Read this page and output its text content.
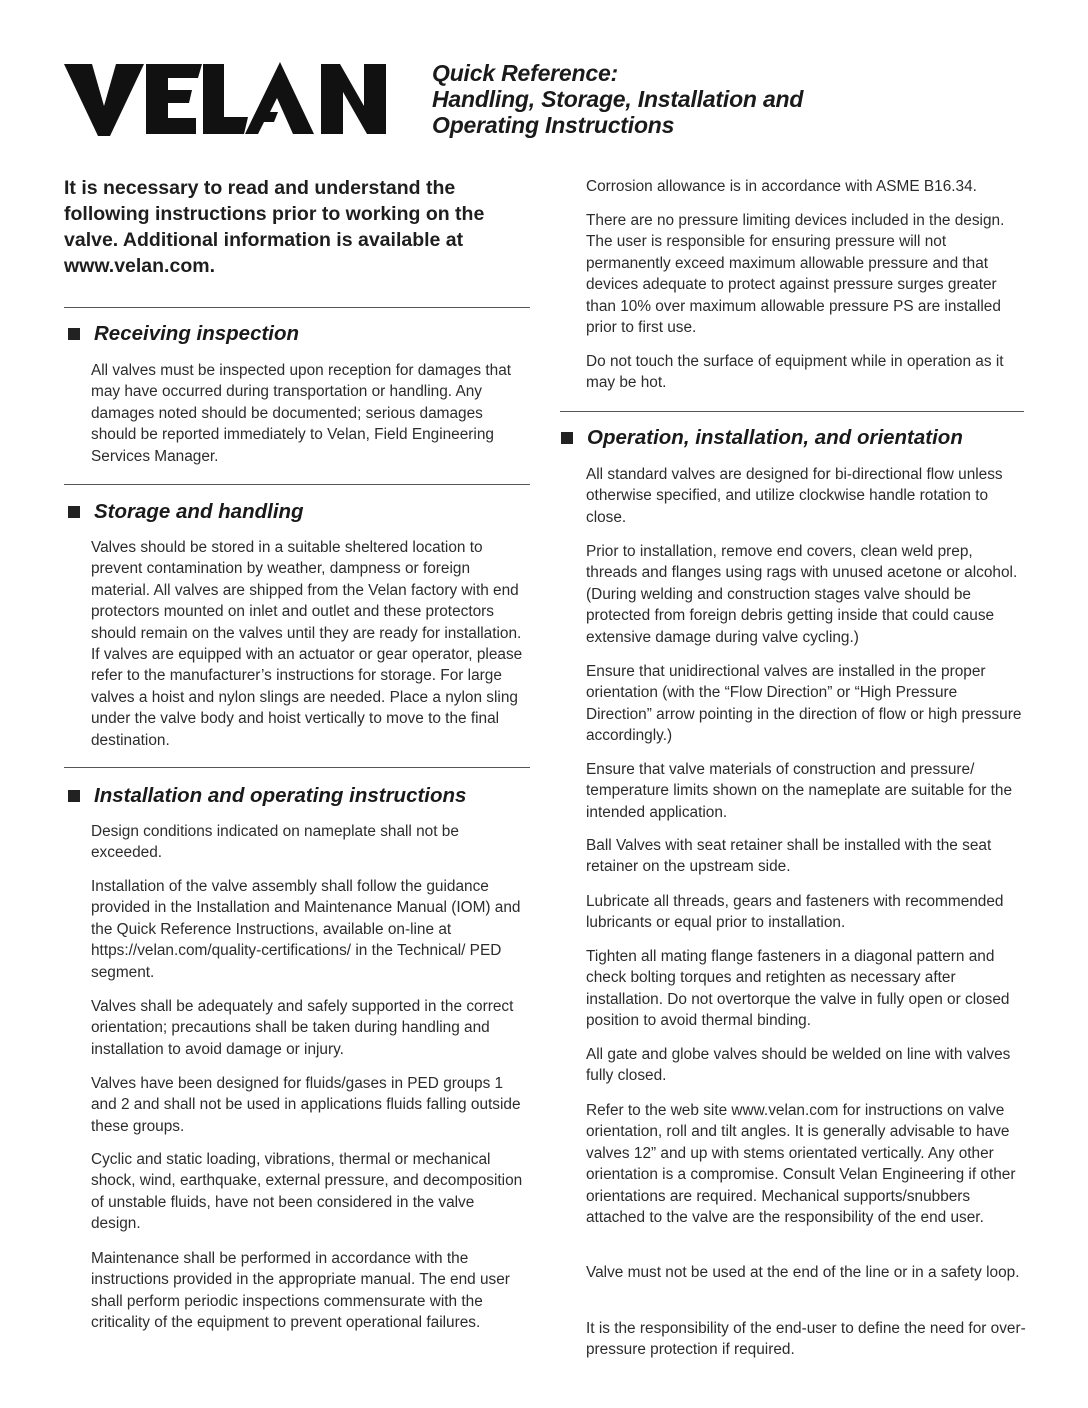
Quick Reference:
Handling, Storage, Installation and
Operating Instructions
It is necessary to read and understand the following instructions prior to working on the valve. Additional information is available at www.velan.com.
Receiving inspection
All valves must be inspected upon reception for damages that may have occurred during transportation or handling. Any damages noted should be documented; serious damages should be reported immediately to Velan, Field Engineering Services Manager.
Storage and handling
Valves should be stored in a suitable sheltered location to prevent contamination by weather, dampness or foreign material. All valves are shipped from the Velan factory with end protectors mounted on inlet and outlet and these protectors should remain on the valves until they are ready for installation. If valves are equipped with an actuator or gear operator, please refer to the manufacturer’s instructions for storage. For large valves a hoist and nylon slings are needed. Place a nylon sling under the valve body and hoist vertically to move to the final destination.
Installation and operating instructions
Design conditions indicated on nameplate shall not be exceeded.
Installation of the valve assembly shall follow the guidance provided in the Installation and Maintenance Manual (IOM) and the Quick Reference Instructions, available on-line at https://velan.com/quality-certifications/ in the Technical/ PED segment.
Valves shall be adequately and safely supported in the correct orientation; precautions shall be taken during handling and installation to avoid damage or injury.
Valves have been designed for fluids/gases in PED groups 1 and 2 and shall not be used in applications fluids falling outside these groups.
Cyclic and static loading, vibrations, thermal or mechanical shock, wind, earthquake, external pressure, and decomposition of unstable fluids, have not been considered in the valve design.
Maintenance shall be performed in accordance with the instructions provided in the appropriate manual. The end user shall perform periodic inspections commensurate with the criticality of the equipment to prevent operational failures.
Corrosion allowance is in accordance with ASME B16.34.
There are no pressure limiting devices included in the design. The user is responsible for ensuring pressure will not permanently exceed maximum allowable pressure and that devices adequate to protect against pressure surges greater than 10% over maximum allowable pressure PS are installed prior to first use.
Do not touch the surface of equipment while in operation as it may be hot.
Operation, installation, and orientation
All standard valves are designed for bi-directional flow unless otherwise specified, and utilize clockwise handle rotation to close.
Prior to installation, remove end covers, clean weld prep, threads and flanges using rags with unused acetone or alcohol. (During welding and construction stages valve should be protected from foreign debris getting inside that could cause extensive damage during valve cycling.)
Ensure that unidirectional valves are installed in the proper orientation (with the “Flow Direction” or “High Pressure Direction” arrow pointing in the direction of flow or high pressure accordingly.)
Ensure that valve materials of construction and pressure/ temperature limits shown on the nameplate are suitable for the intended application.
Ball Valves with seat retainer shall be installed with the seat retainer on the upstream side.
Lubricate all threads, gears and fasteners with recommended lubricants or equal prior to installation.
Tighten all mating flange fasteners in a diagonal pattern and check bolting torques and retighten as necessary after installation. Do not overtorque the valve in fully open or closed position to avoid thermal binding.
All gate and globe valves should be welded on line with valves fully closed.
Refer to the web site www.velan.com for instructions on valve orientation, roll and tilt angles. It is generally advisable to have valves 12” and up with stems orientated vertically. Any other orientation is a compromise. Consult Velan Engineering if other orientations are required. Mechanical supports/snubbers attached to the valve are the responsibility of the end user.
Valve must not be used at the end of the line or in a safety loop.
It is the responsibility of the end-user to define the need for over-pressure protection if required.
